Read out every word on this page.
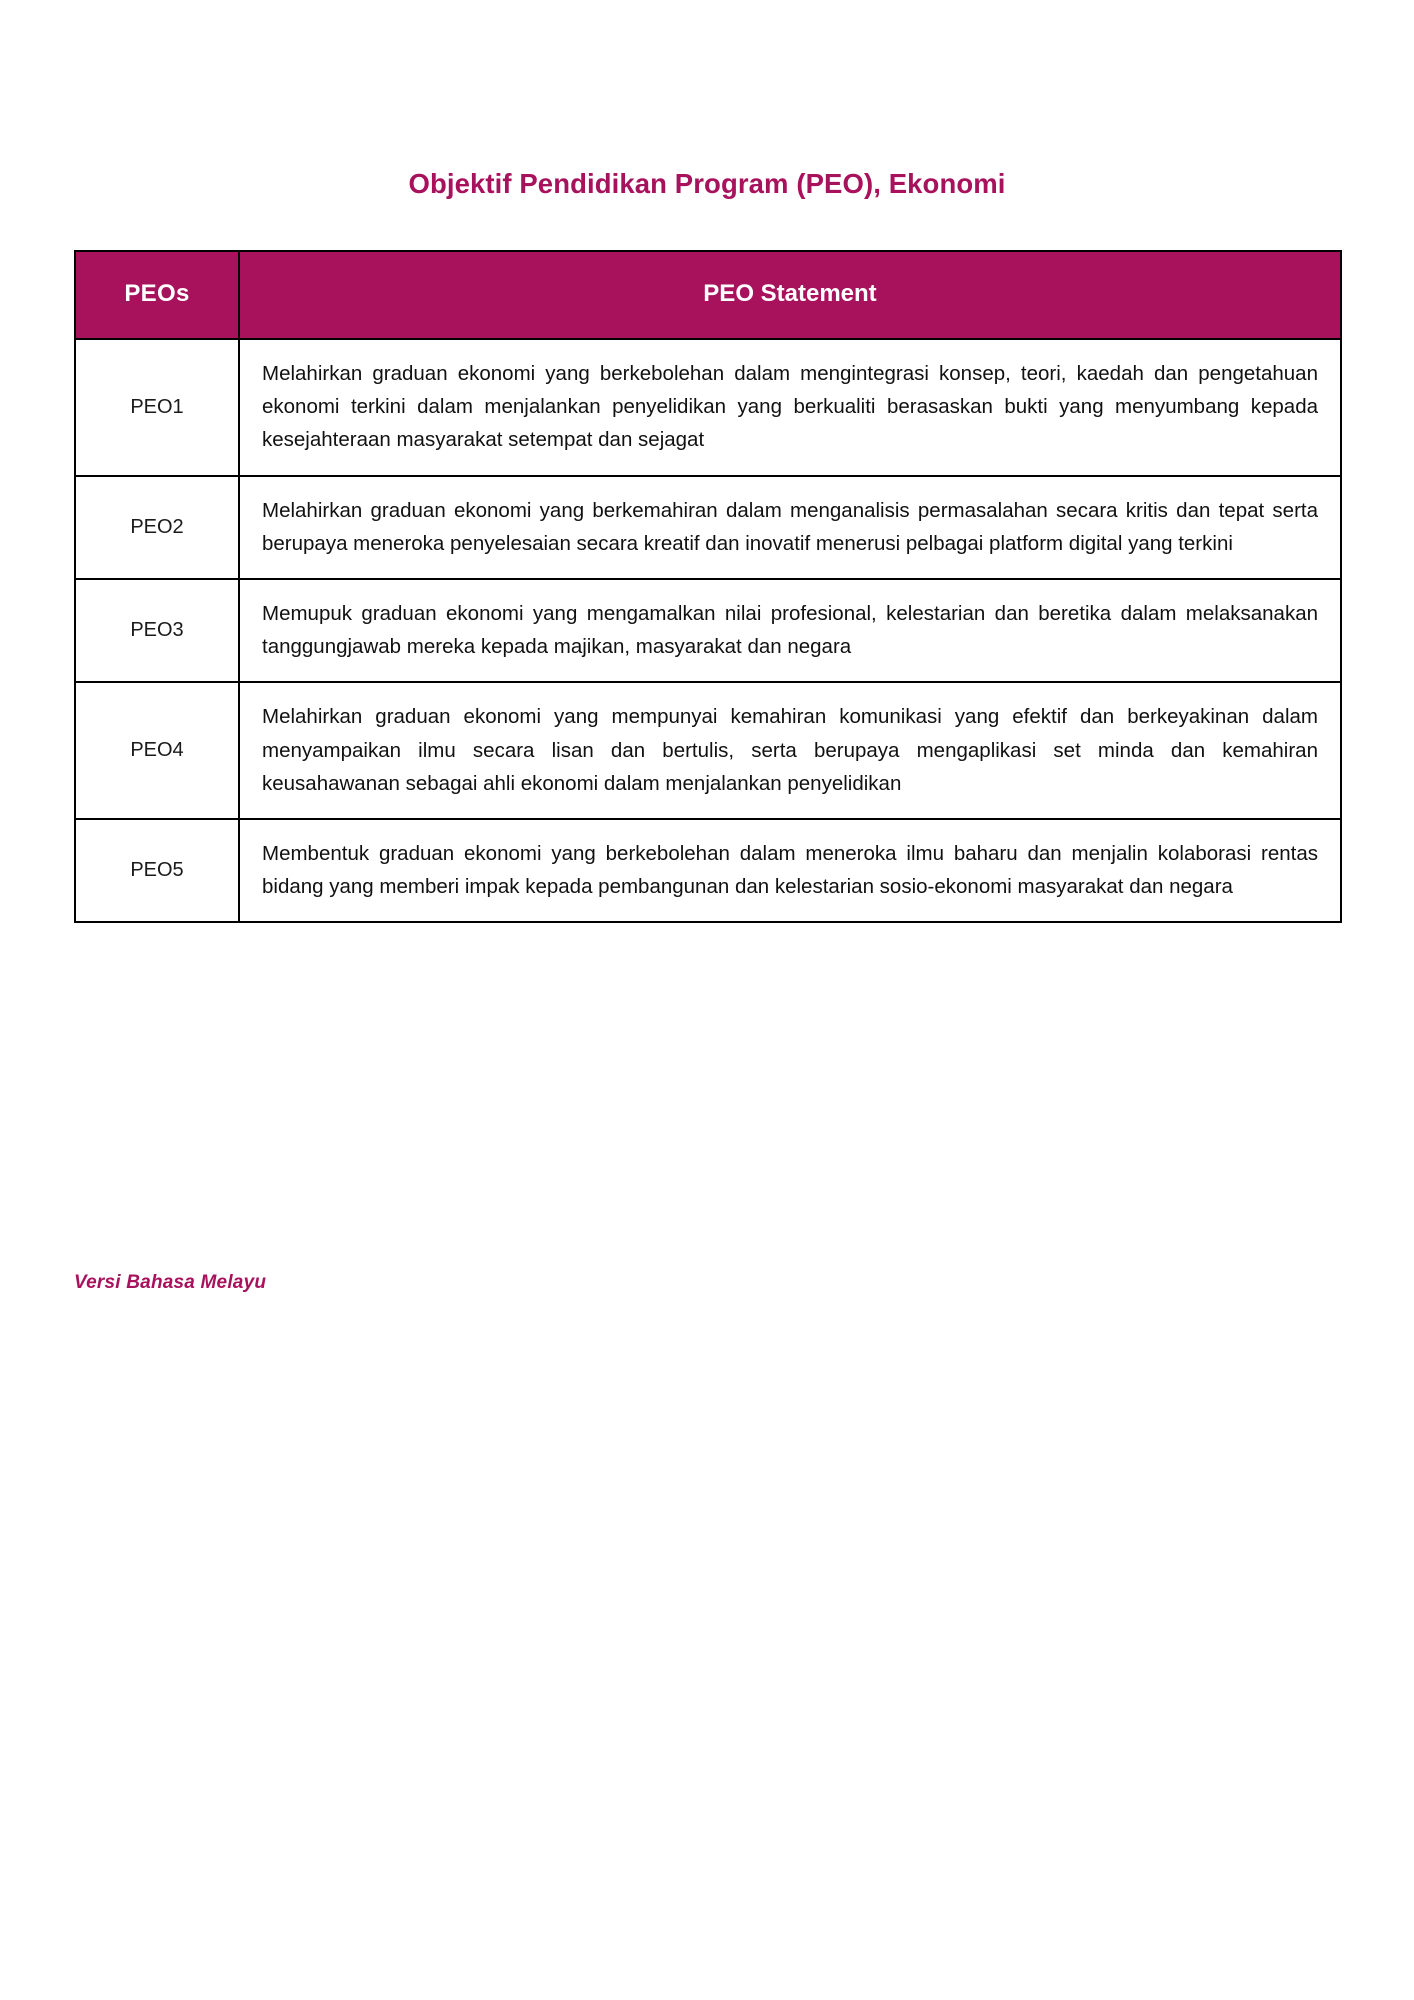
Objektif Pendidikan Program (PEO), Ekonomi
PEOs	PEO Statement
PEO1	Melahirkan graduan ekonomi yang berkebolehan dalam mengintegrasi konsep, teori, kaedah dan pengetahuan ekonomi terkini dalam menjalankan penyelidikan yang berkualiti berasaskan bukti yang menyumbang kepada kesejahteraan masyarakat setempat dan sejagat
PEO2	Melahirkan graduan ekonomi yang berkemahiran dalam menganalisis permasalahan secara kritis dan tepat serta berupaya meneroka penyelesaian secara kreatif dan inovatif menerusi pelbagai platform digital yang terkini
PEO3	Memupuk graduan ekonomi yang mengamalkan nilai profesional, kelestarian dan beretika dalam melaksanakan tanggungjawab mereka kepada majikan, masyarakat dan negara
PEO4	Melahirkan graduan ekonomi yang mempunyai kemahiran komunikasi yang efektif dan berkeyakinan dalam menyampaikan ilmu secara lisan dan bertulis, serta berupaya mengaplikasi set minda dan kemahiran keusahawanan sebagai ahli ekonomi dalam menjalankan penyelidikan
PEO5	Membentuk graduan ekonomi yang berkebolehan dalam meneroka ilmu baharu dan menjalin kolaborasi rentas bidang yang memberi impak kepada pembangunan dan kelestarian sosio-ekonomi masyarakat dan negara
Versi Bahasa Melayu
